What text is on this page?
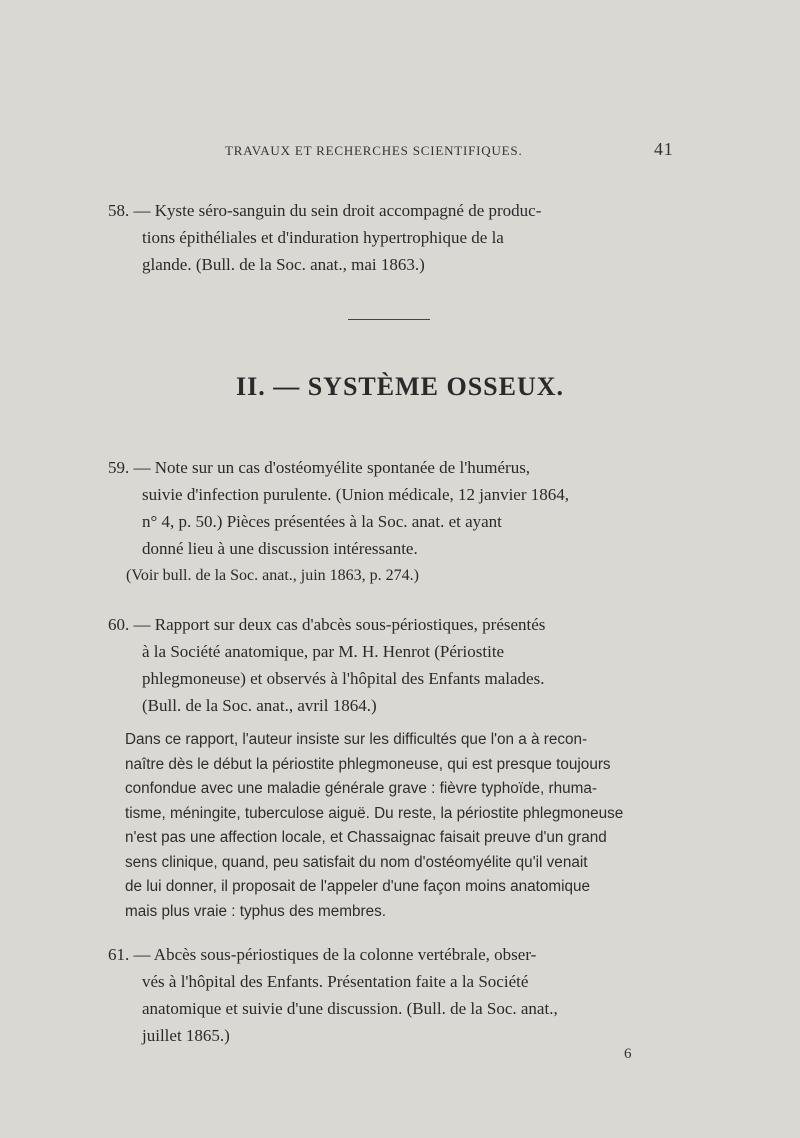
TRAVAUX ET RECHERCHES SCIENTIFIQUES.	41
58. — Kyste séro-sanguin du sein droit accompagné de produc-
tions épithéliales et d'induration hypertrophique de la
glande. (Bull. de la Soc. anat., mai 1863.)
II. — SYSTÈME OSSEUX.
59. — Note sur un cas d'ostéomyélite spontanée de l'humérus,
suivie d'infection purulente. (Union médicale, 12 janvier 1864,
n° 4, p. 50.) Pièces présentées à la Soc. anat. et ayant
donné lieu à une discussion intéressante.
(Voir bull. de la Soc. anat., juin 1863, p. 274.)
60. — Rapport sur deux cas d'abcès sous-périostiques, présentés
à la Société anatomique, par M. H. Henrot (Périostite
phlegmoneuse) et observés à l'hôpital des Enfants malades.
(Bull. de la Soc. anat., avril 1864.)
Dans ce rapport, l'auteur insiste sur les difficultés que l'on a à recon-
naître dès le début la périostite phlegmoneuse, qui est presque toujours
confondue avec une maladie générale grave : fièvre typhoïde, rhuma-
tisme, méningite, tuberculose aiguë. Du reste, la périostite phlegmoneuse
n'est pas une affection locale, et Chassaignac faisait preuve d'un grand
sens clinique, quand, peu satisfait du nom d'ostéomyélite qu'il venait
de lui donner, il proposait de l'appeler d'une façon moins anatomique
mais plus vraie : typhus des membres.
61. — Abcès sous-périostiques de la colonne vertébrale, obser-
vés à l'hôpital des Enfants. Présentation faite a la Société
anatomique et suivie d'une discussion. (Bull. de la Soc. anat.,
juillet 1865.)
6
